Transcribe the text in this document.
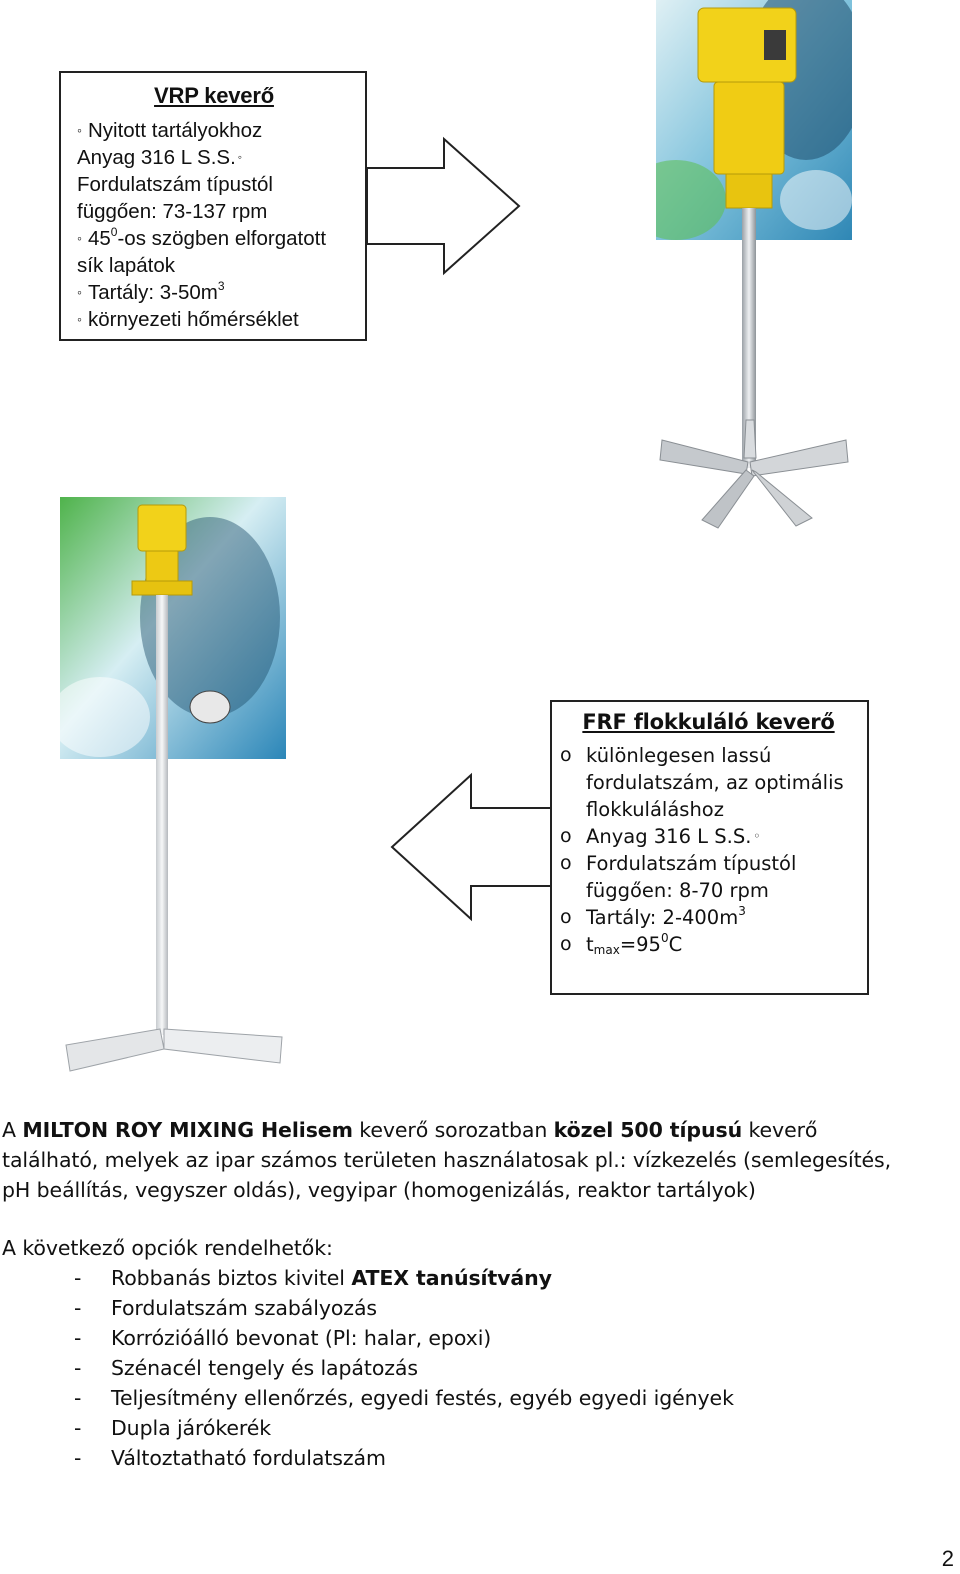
VRP keverő
◦ Nyitott tartályokhoz
Anyag 316 L S.S. ◦
Fordulatszám típustól
függően: 73-137 rpm
◦ $45^0-os$ szögben elforgatott
sík lapátok
◦ Tartály: $3-50m^3$
◦ környezeti hőmérséklet
FRF flokkuláló keverő
o különlegesen lassú
fordulatszám, az optimális
flokkuláláshoz
o Anyag 316 L S.S. ◦
o Fordulatszám típustól
függően: 8-70 rpm
o Tartály: $2-400m^3$
o $t_{max}=95^0C$
A MILTON ROY MIXING Helisem keverő sorozatban közel 500 típusú keverő
található, melyek az ipar számos területen használatosak pl.: vízkezelés (semlegesítés,
pH beállítás, vegyszer oldás), vegyipar (homogenizálás, reaktor tartályok)
A következő opciók rendelhetők:
- Robbanás biztos kivitel ATEX tanúsítvány
- Fordulatszám szabályozás
- Korrózióálló bevonat (Pl: halar, epoxi)
- Szénacél tengely és lapátozás
- Teljesítmény ellenőrzés, egyedi festés, egyéb egyedi igények
- Dupla járókerék
- Változtatható fordulatszám
2
